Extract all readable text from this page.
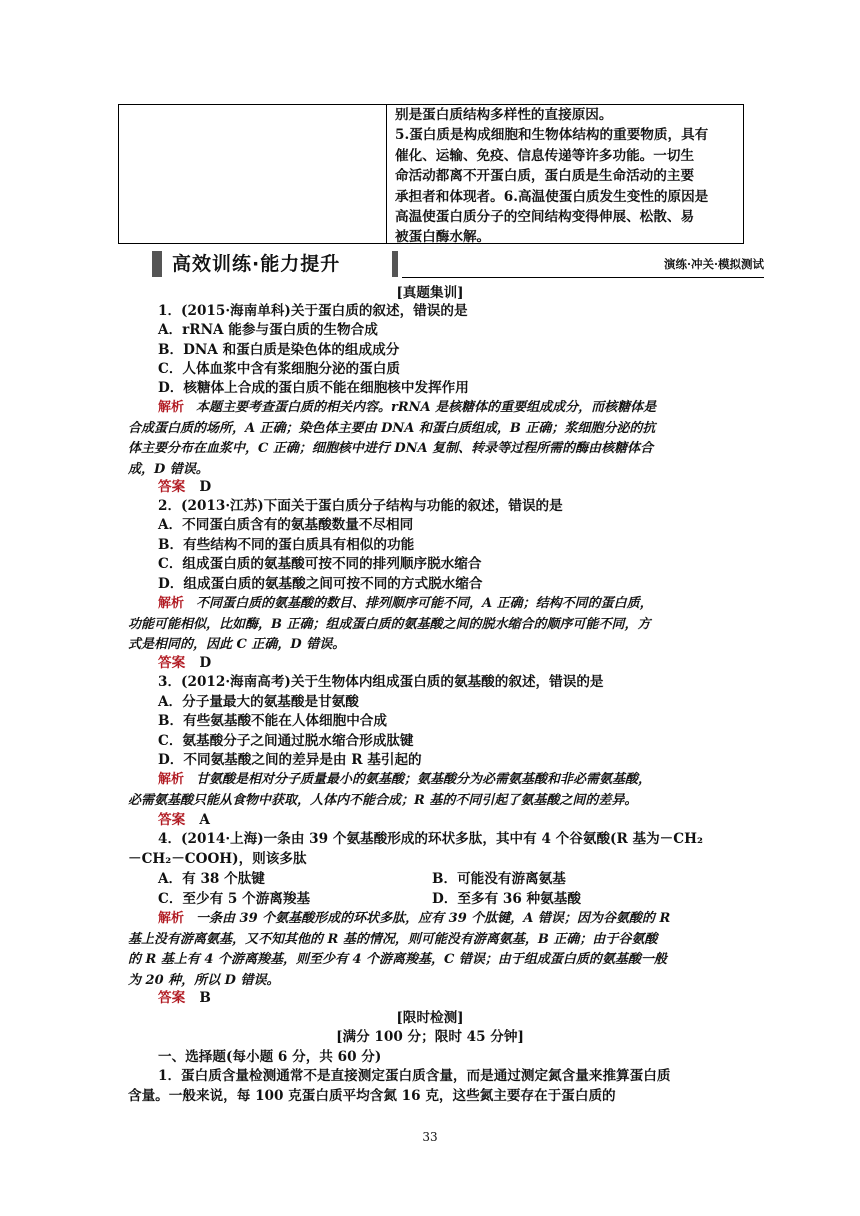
别是蛋白质结构多样性的直接原因。

5.蛋白质是构成细胞和生物体结构的重要物质，具有

催化、运输、免疫、信息传递等许多功能。一切生

命活动都离不开蛋白质，蛋白质是生命活动的主要

承担者和体现者。6.高温使蛋白质发生变性的原因是

高温使蛋白质分子的空间结构变得伸展、松散、易

被蛋白酶水解。

高效训练·能力提升	演练·冲关·模拟测试
[真题集训]
1．(2015·海南单科)关于蛋白质的叙述，错误的是
A．rRNA 能参与蛋白质的生物合成
B．DNA 和蛋白质是染色体的组成成分
C．人体血浆中含有浆细胞分泌的蛋白质
D．核糖体上合成的蛋白质不能在细胞核中发挥作用

解析 本题主要考查蛋白质的相关内容。rRNA 是核糖体的重要组成成分，而核糖体是

合成蛋白质的场所，A 正确；染色体主要由 DNA 和蛋白质组成，B 正确；浆细胞分泌的抗

体主要分布在血浆中，C 正确；细胞核中进行 DNA 复制、转录等过程所需的酶由核糖体合

成，D 错误。

答案 D
2．(2013·江苏)下面关于蛋白质分子结构与功能的叙述，错误的是
A．不同蛋白质含有的氨基酸数量不尽相同
B．有些结构不同的蛋白质具有相似的功能
C．组成蛋白质的氨基酸可按不同的排列顺序脱水缩合
D．组成蛋白质的氨基酸之间可按不同的方式脱水缩合

解析 不同蛋白质的氨基酸的数目、排列顺序可能不同，A 正确；结构不同的蛋白质，

功能可能相似，比如酶，B 正确；组成蛋白质的氨基酸之间的脱水缩合的顺序可能不同，方

式是相同的，因此 C 正确，D 错误。

答案 D
3．(2012·海南高考)关于生物体内组成蛋白质的氨基酸的叙述，错误的是
A．分子量最大的氨基酸是甘氨酸
B．有些氨基酸不能在人体细胞中合成
C．氨基酸分子之间通过脱水缩合形成肽键
D．不同氨基酸之间的差异是由 R 基引起的

解析 甘氨酸是相对分子质量最小的氨基酸；氨基酸分为必需氨基酸和非必需氨基酸，

必需氨基酸只能从食物中获取，人体内不能合成；R 基的不同引起了氨基酸之间的差异。

答案 A
4．(2014·上海)一条由 39 个氨基酸形成的环状多肽，其中有 4 个谷氨酸(R 基为－CH₂
－CH₂－COOH)，则该多肽
A．有 38 个肽键	B．可能没有游离氨基
C．至少有 5 个游离羧基	D．至多有 36 种氨基酸

解析 一条由 39 个氨基酸形成的环状多肽，应有 39 个肽键，A 错误；因为谷氨酸的 R

基上没有游离氨基，又不知其他的 R 基的情况，则可能没有游离氨基，B 正确；由于谷氨酸

的 R 基上有 4 个游离羧基，则至少有 4 个游离羧基，C 错误；由于组成蛋白质的氨基酸一般

为 20 种，所以 D 错误。

答案 B
[限时检测]
[满分 100 分；限时 45 分钟]
一、选择题(每小题 6 分，共 60 分)
1．蛋白质含量检测通常不是直接测定蛋白质含量，而是通过测定氮含量来推算蛋白质
含量。一般来说，每 100 克蛋白质平均含氮 16 克，这些氮主要存在于蛋白质的
33
